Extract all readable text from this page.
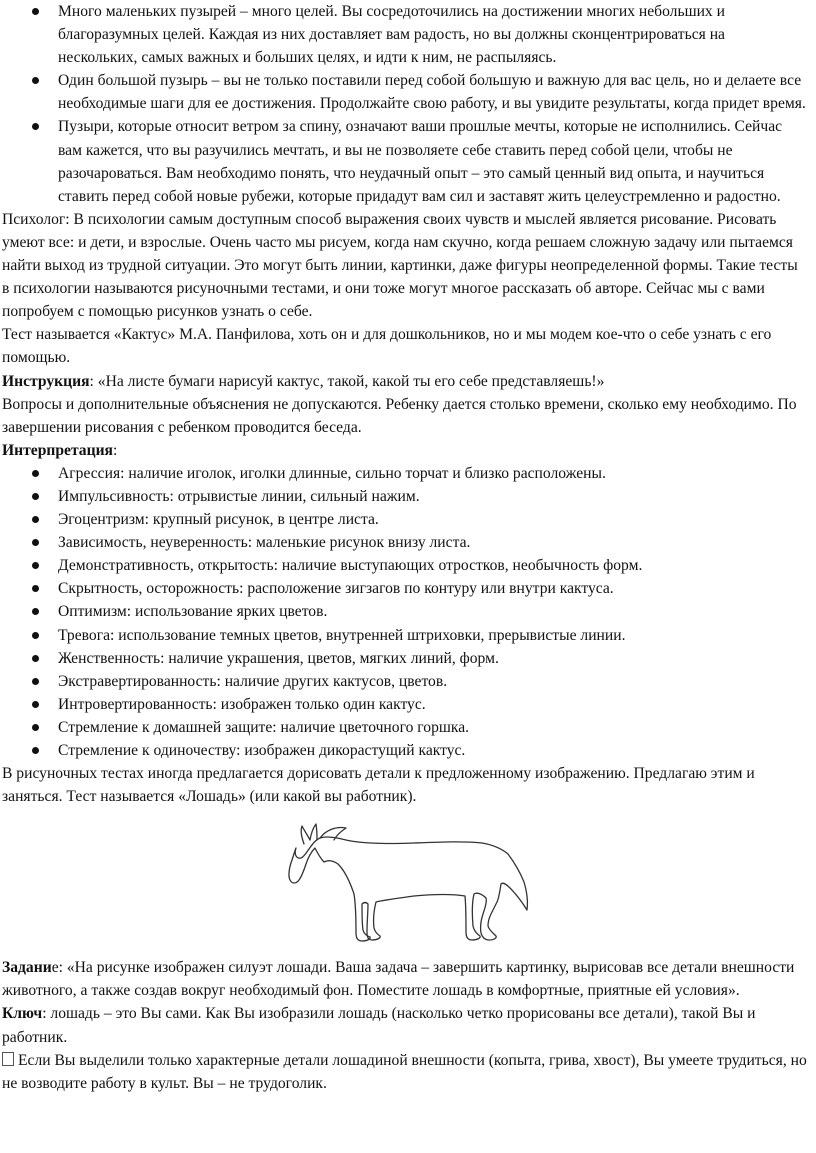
Много маленьких пузырей – много целей. Вы сосредоточились на достижении многих небольших и благоразумных целей. Каждая из них доставляет вам радость, но вы должны сконцентрироваться на нескольких, самых важных и больших целях, и идти к ним, не распыляясь.
Один большой пузырь – вы не только поставили перед собой большую и важную для вас цель, но и делаете все необходимые шаги для ее достижения. Продолжайте свою работу, и вы увидите результаты, когда придет время.
Пузыри, которые относит ветром за спину, означают ваши прошлые мечты, которые не исполнились. Сейчас вам кажется, что вы разучились мечтать, и вы не позволяете себе ставить перед собой цели, чтобы не разочароваться. Вам необходимо понять, что неудачный опыт – это самый ценный вид опыта, и научиться ставить перед собой новые рубежи, которые придадут вам сил и заставят жить целеустремленно и радостно.

Психолог: В психологии самым доступным способ выражения своих чувств и мыслей является рисование. Рисовать умеют все: и дети, и взрослые. Очень часто мы рисуем, когда нам скучно, когда решаем сложную задачу или пытаемся найти выход из трудной ситуации. Это могут быть линии, картинки, даже фигуры неопределенной формы. Такие тесты в психологии называются рисуночными тестами, и они тоже могут многое рассказать об авторе. Сейчас мы с вами попробуем с помощью рисунков узнать о себе.

Тест называется «Кактус» М.А. Панфилова, хоть он и для дошкольников, но и мы модем кое-что о себе узнать с его помощью.

Инструкция: «На листе бумаги нарисуй кактус, такой, какой ты его себе представляешь!»

Вопросы и дополнительные объяснения не допускаются. Ребенку дается столько времени, сколько ему необходимо. По завершении рисования с ребенком проводится беседа.

Интерпретация:

Агрессия: наличие иголок, иголки длинные, сильно торчат и близко расположены.
Импульсивность: отрывистые линии, сильный нажим.
Эгоцентризм: крупный рисунок, в центре листа.
Зависимость, неуверенность: маленькие рисунок внизу листа.
Демонстративность, открытость: наличие выступающих отростков, необычность форм.
Скрытность, осторожность: расположение зигзагов по контуру или внутри кактуса.
Оптимизм: использование ярких цветов.
Тревога: использование темных цветов, внутренней штриховки, прерывистые линии.
Женственность: наличие украшения, цветов, мягких линий, форм.
Экстравертированность: наличие других кактусов, цветов.
Интровертированность: изображен только один кактус.
Стремление к домашней защите: наличие цветочного горшка.
Стремление к одиночеству: изображен дикорастущий кактус.

В рисуночных тестах иногда предлагается дорисовать детали к предложенному изображению. Предлагаю этим и заняться. Тест называется «Лошадь» (или какой вы работник).

Задание: «На рисунке изображен силуэт лошади. Ваша задача – завершить картинку, вырисовав все детали внешности животного, а также создав вокруг необходимый фон. Поместите лошадь в комфортные, приятные ей условия».

Ключ: лошадь – это Вы сами. Как Вы изобразили лошадь (насколько четко прорисованы все детали), такой Вы и работник.

Если Вы выделили только характерные детали лошадиной внешности (копыта, грива, хвост), Вы умеете трудиться, но не возводите работу в культ. Вы – не трудоголик.
